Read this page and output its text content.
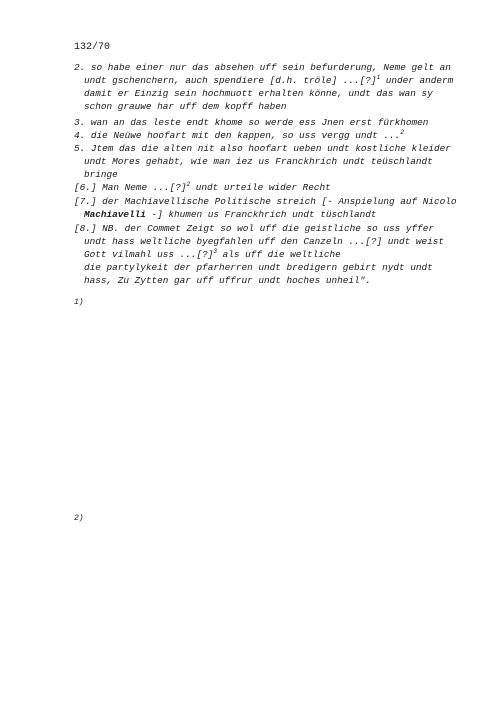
132/70
2. so habe einer nur das absehen uff sein befurderung, Neme gelt an
undt gschenchern, auch spendiere [d.h. tröle] ...[?]$^1$ under anderm
damit er Einzig sein hochmuott erhalten könne, undt das wan sy
schon grauwe har uff dem kopff haben
3. wan an das leste endt khome so werde ess Jnen erst fürkhomen
4. die Neüwe hoofart mit den kappen, so uss vergg undt ...$^2$
5. Jtem das die alten nit also hoofart ueben undt kostliche kleider
undt Mores gehabt, wie man iez us Franckhrich undt teüschlandt
bringe
[6.] Man Neme ...[?]$^2$ undt urteile wider Recht
[7.] der Machiavellische Politische streich [- Anspielung auf Nicolo
Machiavelli -] khumen us Franckhrich undt tüschlandt
[8.] NB. der Commet Zeigt so wol uff die geistliche so uss yffer
undt hass weltliche byegfahlen uff den Canzeln ...[?] undt weist
Gott vilmahl uss ...[?]$^3$ als uff die weltliche
die partylykeit der pfarherren undt bredigern gebirt nydt undt
hass, Zu Zytten gar uff uffrur undt hoches unheil".
1)
2)
